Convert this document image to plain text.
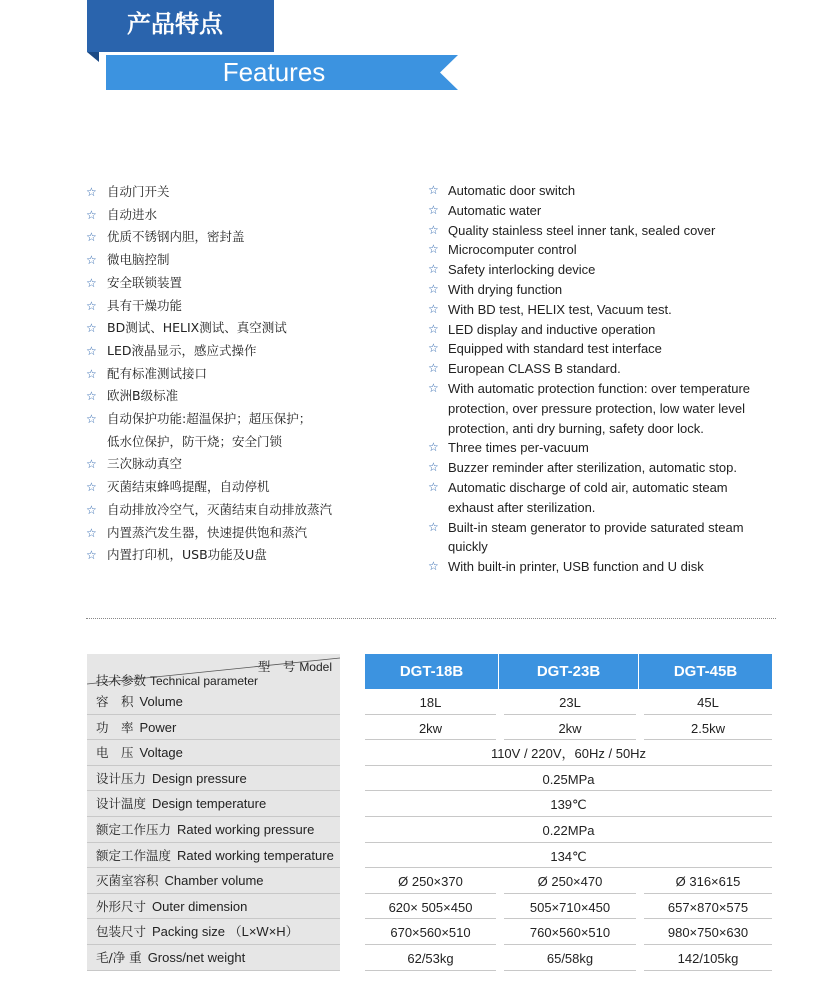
产品特点
Features
☆ 自动门开关
☆ 自动进水
☆ 优质不锈钢内胆，密封盖
☆ 微电脑控制
☆ 安全联锁装置
☆ 具有干燥功能
☆ BD测试、HELIX测试、真空测试
☆ LED液晶显示，感应式操作
☆ 配有标准测试接口
☆ 欧洲B级标准
☆ 自动保护功能:超温保护；超压保护；
低水位保护，防干烧；安全门锁
☆ 三次脉动真空
☆ 灭菌结束蜂鸣提醒，自动停机
☆ 自动排放冷空气，灭菌结束自动排放蒸汽
☆ 内置蒸汽发生器，快速提供饱和蒸汽
☆ 内置打印机，USB功能及U盘
☆ Automatic door switch
☆ Automatic water
☆ Quality stainless steel inner tank, sealed cover
☆ Microcomputer control
☆ Safety interlocking device
☆ With drying function
☆ With BD test, HELIX test, Vacuum test.
☆ LED display and inductive operation
☆ Equipped with standard test interface
☆ European CLASS B standard.
☆ With automatic protection function: over temperature
protection, over pressure protection, low water level
protection, anti dry burning, safety door lock.
☆ Three times per-vacuum
☆ Buzzer reminder after sterilization, automatic stop.
☆ Automatic discharge of cold air, automatic steam
exhaust after sterilization.
☆ Built-in steam generator to provide saturated steam
quickly
☆ With built-in printer, USB function and U disk
型　号 Model
技术参数 Technical parameter
DGT-18B	DGT-23B	DGT-45B
容　积 Volume	18L	23L	45L
功　率 Power	2kw	2kw	2.5kw
电　压 Voltage	110V / 220V，60Hz / 50Hz
设计压力 Design pressure	0.25MPa
设计温度 Design temperature	139℃
额定工作压力 Rated working pressure	0.22MPa
额定工作温度 Rated working temperature	134℃
灭菌室容积 Chamber volume	Ø 250×370	Ø 250×470	Ø 316×615
外形尺寸 Outer dimension	620× 505×450	505×710×450	657×870×575
包装尺寸 Packing size （L×W×H）	670×560×510	760×560×510	980×750×630
毛/净 重 Gross/net weight	62/53kg	65/58kg	142/105kg
